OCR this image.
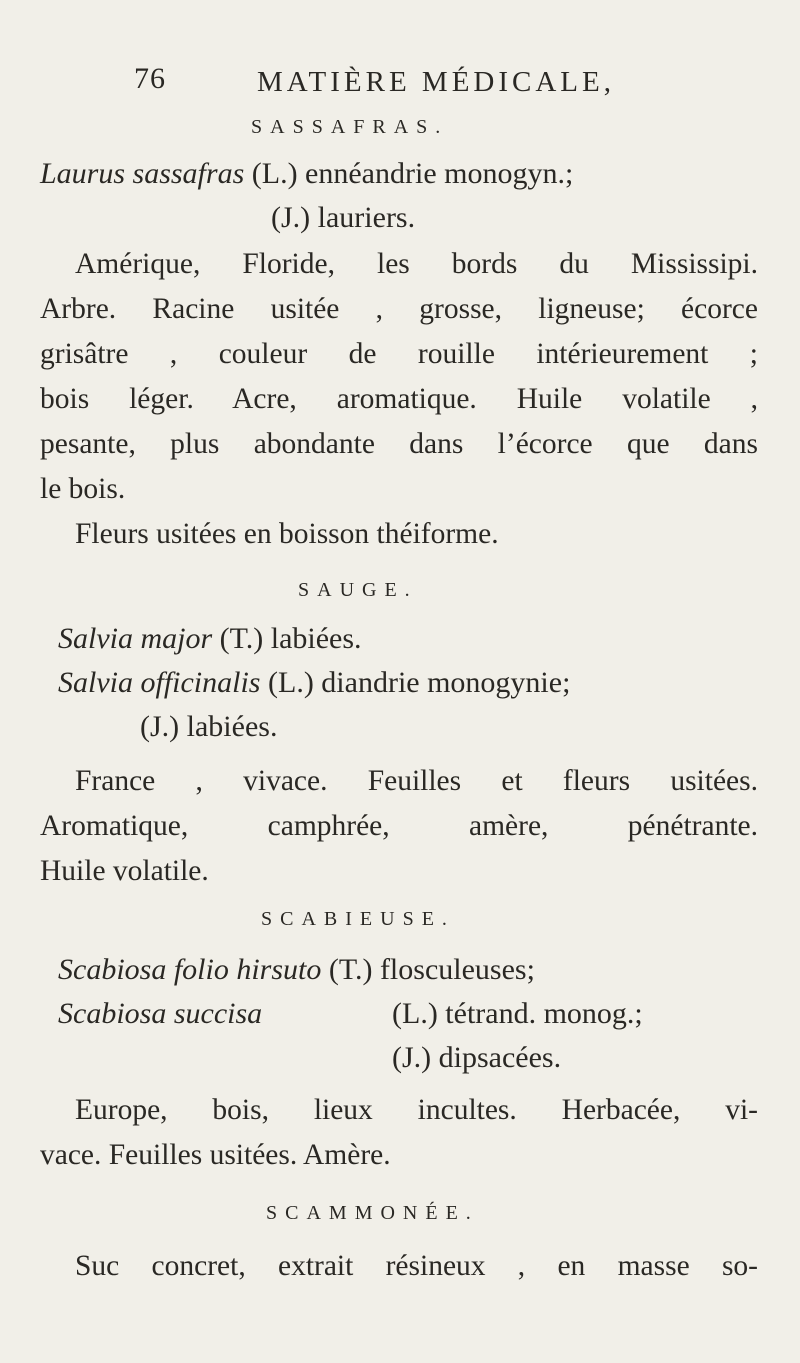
76	MATIÈRE MÉDICALE,
SASSAFRAS.
Laurus sassafras (L.) ennéandrie monogyn.;
(J.) lauriers.
Amérique, Floride, les bords du Mississipi.
Arbre. Racine usitée , grosse, ligneuse; écorce
grisâtre , couleur de rouille intérieurement ;
bois léger. Acre, aromatique. Huile volatile ,
pesante, plus abondante dans l’écorce que dans
le bois.
Fleurs usitées en boisson théiforme.
SAUGE.
Salvia major (T.) labiées.
Salvia officinalis (L.) diandrie monogynie;
(J.) labiées.
France , vivace. Feuilles et fleurs usitées.
Aromatique, camphrée, amère, pénétrante.
Huile volatile.
SCABIEUSE.
Scabiosa folio hirsuto (T.) flosculeuses;
Scabiosa succisa	(L.) tétrand. monog.;
(J.) dipsacées.
Europe, bois, lieux incultes. Herbacée, vi-
vace. Feuilles usitées. Amère.
SCAMMONÉE.
Suc concret, extrait résineux , en masse so-
